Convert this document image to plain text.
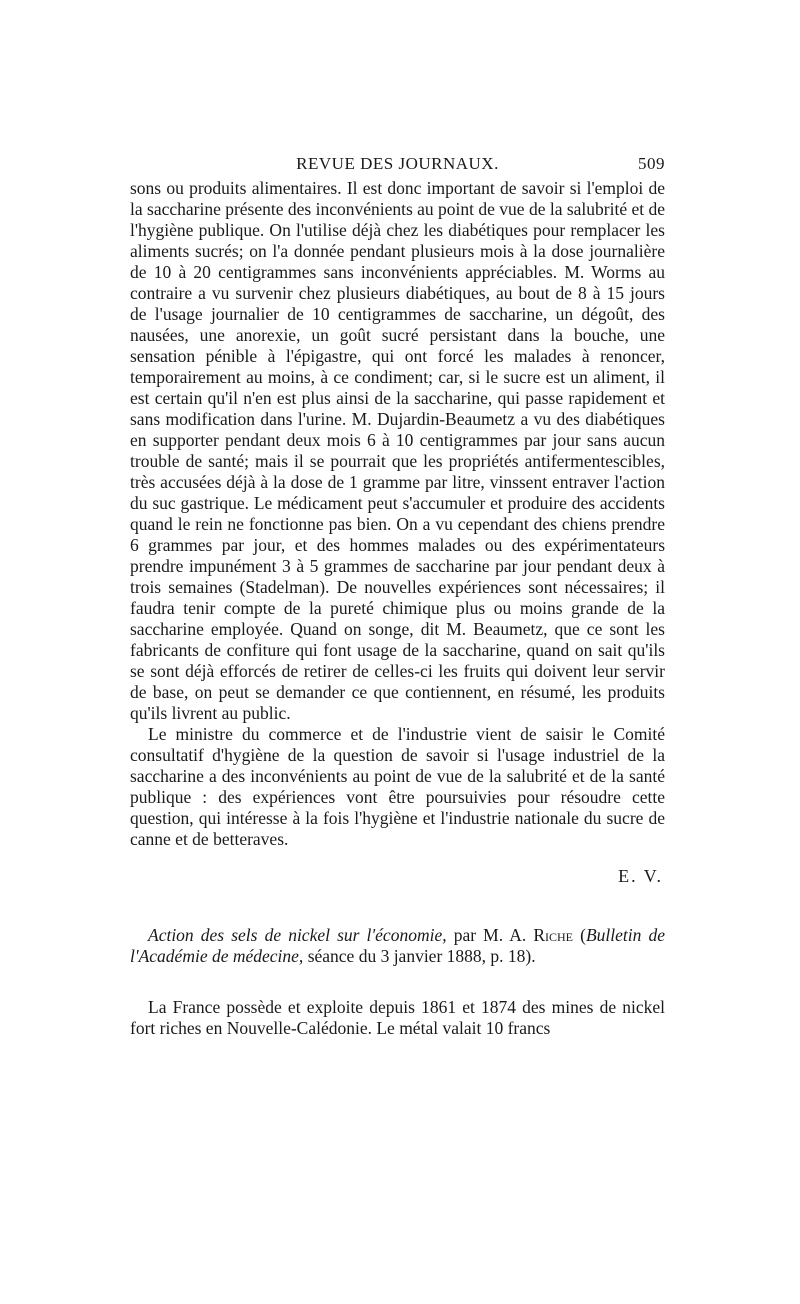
REVUE DES JOURNAUX.	509

sons ou produits alimentaires. Il est donc important de savoir si l'emploi de la saccharine présente des inconvénients au point de vue de la salubrité et de l'hygiène publique. On l'utilise déjà chez les diabétiques pour remplacer les aliments sucrés; on l'a donnée pendant plusieurs mois à la dose journalière de 10 à 20 centigrammes sans inconvénients appréciables. M. Worms au contraire a vu survenir chez plusieurs diabétiques, au bout de 8 à 15 jours de l'usage journalier de 10 centigrammes de saccharine, un dégoût, des nausées, une anorexie, un goût sucré persistant dans la bouche, une sensation pénible à l'épigastre, qui ont forcé les malades à renoncer, temporairement au moins, à ce condiment; car, si le sucre est un aliment, il est certain qu'il n'en est plus ainsi de la saccharine, qui passe rapidement et sans modification dans l'urine. M. Dujardin-Beaumetz a vu des diabétiques en supporter pendant deux mois 6 à 10 centigrammes par jour sans aucun trouble de santé; mais il se pourrait que les propriétés antifermentescibles, très accusées déjà à la dose de 1 gramme par litre, vinssent entraver l'action du suc gastrique. Le médicament peut s'accumuler et produire des accidents quand le rein ne fonctionne pas bien. On a vu cependant des chiens prendre 6 grammes par jour, et des hommes malades ou des expérimentateurs prendre impunément 3 à 5 grammes de saccharine par jour pendant deux à trois semaines (Stadelman). De nouvelles expériences sont nécessaires; il faudra tenir compte de la pureté chimique plus ou moins grande de la saccharine employée. Quand on songe, dit M. Beaumetz, que ce sont les fabricants de confiture qui font usage de la saccharine, quand on sait qu'ils se sont déjà efforcés de retirer de celles-ci les fruits qui doivent leur servir de base, on peut se demander ce que contiennent, en résumé, les produits qu'ils livrent au public.

Le ministre du commerce et de l'industrie vient de saisir le Comité consultatif d'hygiène de la question de savoir si l'usage industriel de la saccharine a des inconvénients au point de vue de la salubrité et de la santé publique : des expériences vont être poursuivies pour résoudre cette question, qui intéresse à la fois l'hygiène et l'industrie nationale du sucre de canne et de betteraves.

E. V.

Action des sels de nickel sur l'économie, par M. A. Riche (Bulletin de l'Académie de médecine, séance du 3 janvier 1888, p. 18).

La France possède et exploite depuis 1861 et 1874 des mines de nickel fort riches en Nouvelle-Calédonie. Le métal valait 10 francs
